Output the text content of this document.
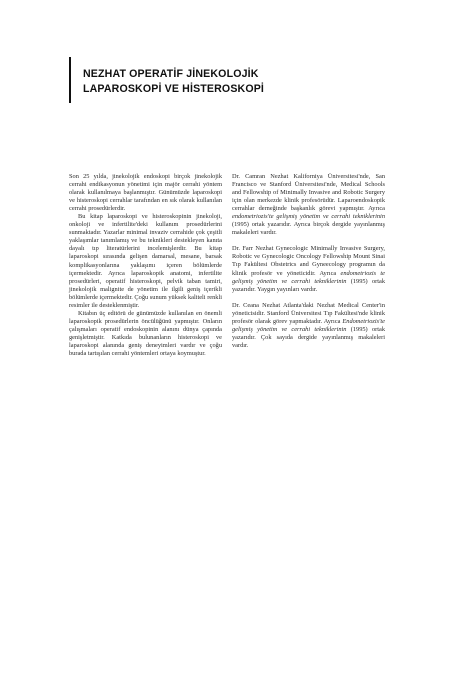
NEZHAT OPERATİF JİNEKOLOJİK
LAPAROSKOPİ VE HİSTEROSKOPİ

Son 25 yılda, jinekolojik endoskopi birçok jinekolojik cerrahi endikasyonun yönetimi için majör cerrahi yöntem olarak kullanılmaya başlanmıştır. Günümüzde laparoskopi ve histeroskopi cerrahlar tarafından en sık olarak kullanılan cerrahi prosedürlerdir.

Bu kitap laparoskopi ve histeroskopinin jinekoloji, onkoloji ve infertilite'deki kullanım prosedürlerini sunmaktadır. Yazarlar minimal invaziv cerrahide çok çeşitli yaklaşımlar tanımlamış ve bu teknikleri destekleyen kanıta dayalı tıp literatürlerini incelemişlerdir. Bu kitap laparoskopi sırasında gelişen damarsal, mesane, barsak komplikasyonlarına yaklaşımı içeren bölümlerde içermektedir. Ayrıca laparoskopik anatomi, infertilite prosedürleri, operatif histeroskopi, pelvik taban tamiri, jinekolojik malignite de yönetim ile ilgili geniş içerikli bölümlerde içermektedir. Çoğu sunum yüksek kaliteli renkli resimler ile desteklenmiştir.

Kitabın üç editörü de günümüzde kullanılan en önemli laparoskopik prosedürlerin öncülüğünü yapmıştır. Onların çalışmaları operatif endoskopinin alanını dünya çapında genişletmiştir. Katkıda bulunanların histeroskopi ve laparoskopi alanında geniş deneyimleri vardır ve çoğu burada tartışılan cerrahi yöntemleri ortaya koymuştur.

Dr. Camran Nezhat Kaliforniya Üniversitesi'nde, San Francisco ve Stanford Üniversitesi'nde, Medical Schools and Fellowship of Minimally Invasive and Robotic Surgery için olan merkezde klinik profesörüdür. Laparoendoskopik cerrahlar derneğinde başkanlık görevi yapmıştır. Ayrıca endometriozis'te gelişmiş yönetim ve cerrahi tekniklerinin (1995) ortak yazarıdır. Ayrıca birçok dergide yayınlanmış makaleleri vardır.

Dr. Farr Nezhat Gynecologic Minimally Invasive Surgery, Robotic ve Gynecologic Oncology Fellowship Mount Sinai Tıp Fakültesi Obstetrics and Gyneecology programın da klinik profesör ve yöneticidir. Ayrıca endometriozis te gelişmiş yönetim ve cerrahi tekniklerinin (1995) ortak yazarıdır. Yaygın yayınları vardır.

Dr. Ceana Nezhat Atlanta'daki Nezhat Medical Center'in yöneticisidir. Stanford Üniversitesi Tıp Fakültesi'nde klinik profesör olarak görev yapmaktadır. Ayrıca Endometriozis'te gelişmiş yönetim ve cerrahi tekniklerinin (1995) ortak yazarıdır. Çok sayıda dergide yayınlanmış makaleleri vardır.
